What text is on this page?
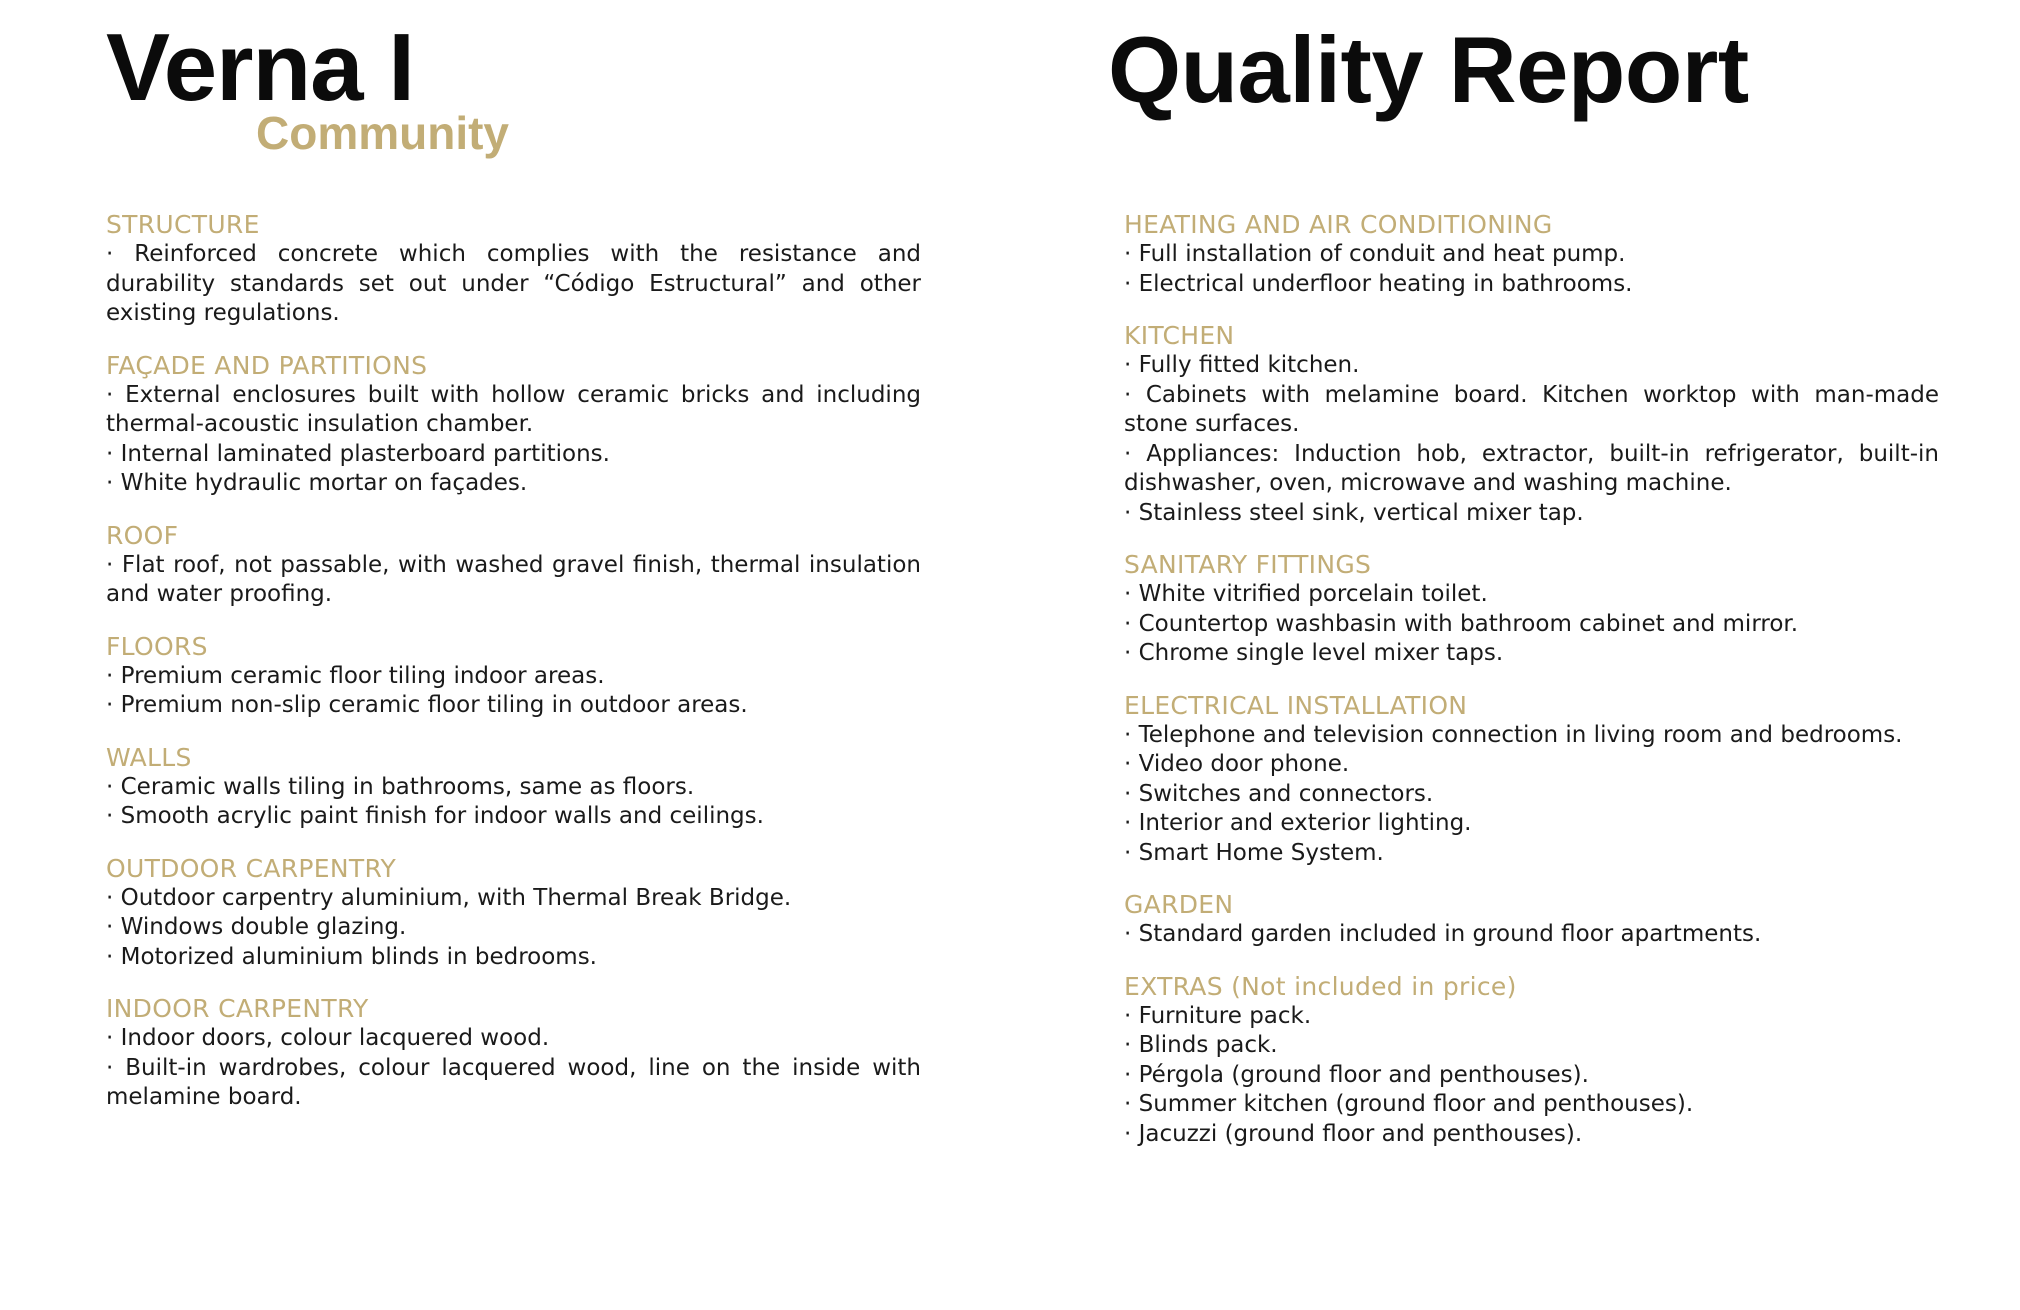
Verna I
Community
Quality Report
STRUCTURE

· Reinforced concrete which complies with the resistance and durability standards set out under “Código Estructural” and other existing regulations.

FAÇADE AND PARTITIONS

· External enclosures built with hollow ceramic bricks and including thermal-acoustic insulation chamber.

· Internal laminated plasterboard partitions.

· White hydraulic mortar on façades.

ROOF

· Flat roof, not passable, with washed gravel finish, thermal insulation and water proofing.

FLOORS

· Premium ceramic floor tiling indoor areas.

· Premium non-slip ceramic floor tiling in outdoor areas.

WALLS

· Ceramic walls tiling in bathrooms, same as floors.

· Smooth acrylic paint finish for indoor walls and ceilings.

OUTDOOR CARPENTRY

· Outdoor carpentry aluminium, with Thermal Break Bridge.

· Windows double glazing.

· Motorized aluminium blinds in bedrooms.

INDOOR CARPENTRY

· Indoor doors, colour lacquered wood.

· Built-in wardrobes, colour lacquered wood, line on the inside with melamine board.

HEATING AND AIR CONDITIONING

· Full installation of conduit and heat pump.

· Electrical underfloor heating in bathrooms.

KITCHEN

· Fully fitted kitchen.

· Cabinets with melamine board. Kitchen worktop with man-made stone surfaces.

· Appliances: Induction hob, extractor, built-in refrigerator, built-in dishwasher, oven, microwave and washing machine.

· Stainless steel sink, vertical mixer tap.

SANITARY FITTINGS

· White vitrified porcelain toilet.

· Countertop washbasin with bathroom cabinet and mirror.

· Chrome single level mixer taps.

ELECTRICAL INSTALLATION

· Telephone and television connection in living room and bedrooms.

· Video door phone.

· Switches and connectors.

· Interior and exterior lighting.

· Smart Home System.

GARDEN

· Standard garden included in ground floor apartments.

EXTRAS (Not included in price)

· Furniture pack.

· Blinds pack.

· Pérgola (ground floor and penthouses).

· Summer kitchen (ground floor and penthouses).

· Jacuzzi (ground floor and penthouses).
